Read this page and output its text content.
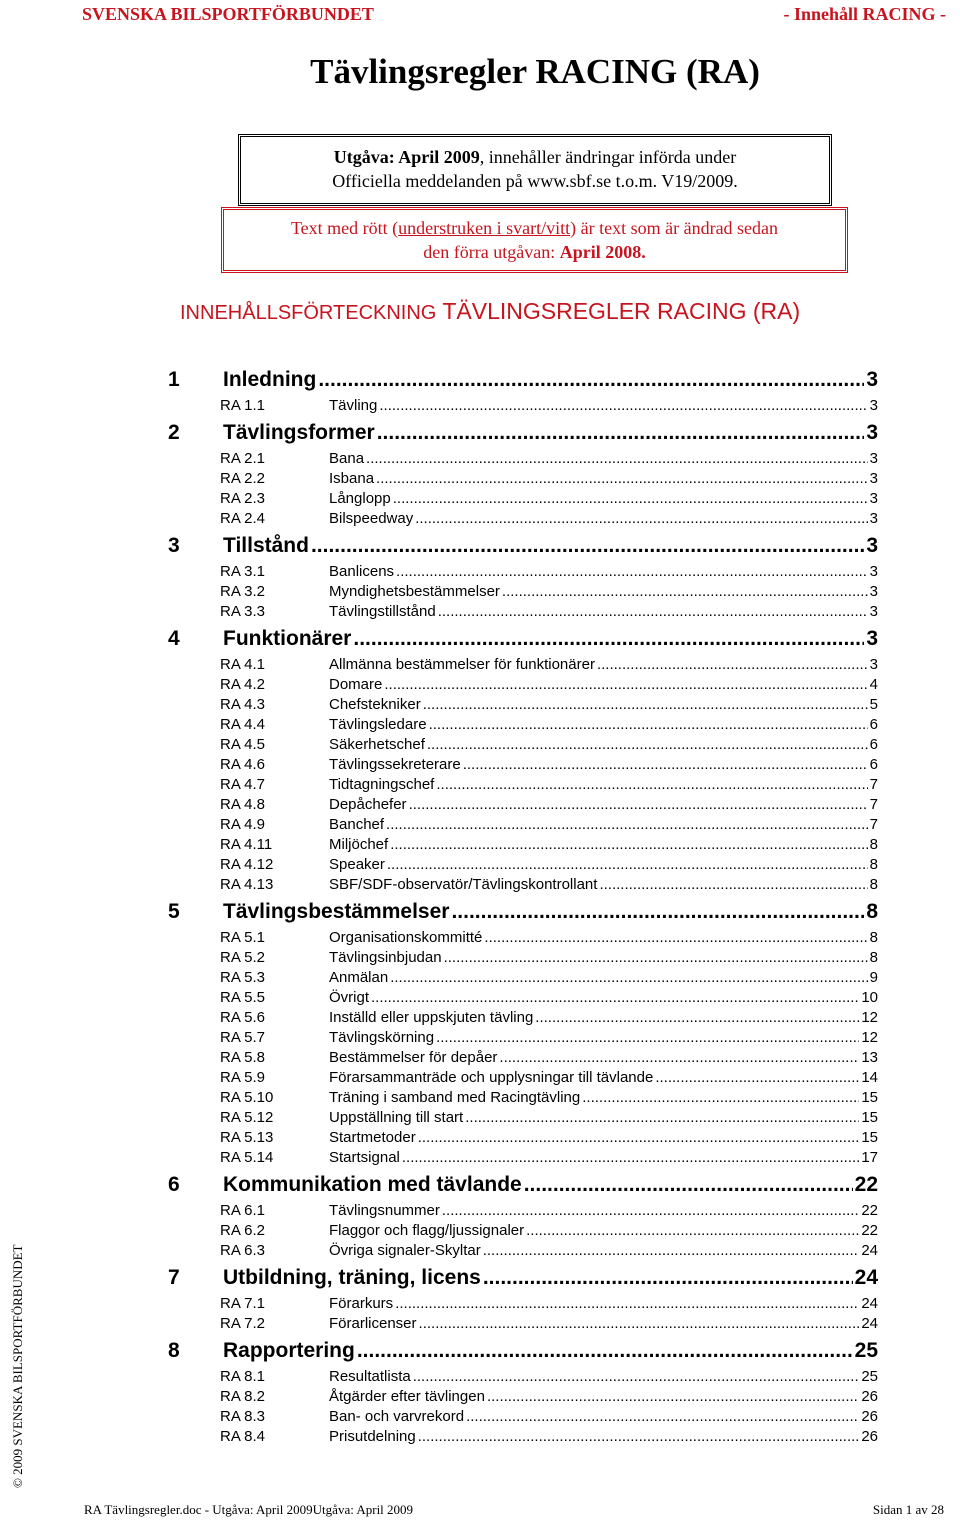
SVENSKA BILSPORTFÖRBUNDET	- Innehåll RACING -
Tävlingsregler RACING (RA)
Utgåva: April 2009, innehåller ändringar införda under
Officiella meddelanden på www.sbf.se t.o.m. V19/2009.
Text med rött (understruken i svart/vitt) är text som är ändrad sedan
den förra utgåvan: April 2008.
INNEHÅLLSFÖRTECKNING TÄVLINGSREGLER RACING (RA)
1	Inledning .....	3
RA 1.1	Tävling .....	3
2	Tävlingsformer .....	3
RA 2.1	Bana .....	3
RA 2.2	Isbana .....	3
RA 2.3	Långlopp .....	3
RA 2.4	Bilspeedway .....	3
3	Tillstånd .....	3
RA 3.1	Banlicens .....	3
RA 3.2	Myndighetsbestämmelser .....	3
RA 3.3	Tävlingstillstånd .....	3
4	Funktionärer .....	3
RA 4.1	Allmänna bestämmelser för funktionärer .....	3
RA 4.2	Domare .....	4
RA 4.3	Chefstekniker .....	5
RA 4.4	Tävlingsledare .....	6
RA 4.5	Säkerhetschef .....	6
RA 4.6	Tävlingssekreterare .....	6
RA 4.7	Tidtagningschef .....	7
RA 4.8	Depåchefer .....	7
RA 4.9	Banchef .....	7
RA 4.11	Miljöchef .....	8
RA 4.12	Speaker .....	8
RA 4.13	SBF/SDF-observatör/Tävlingskontrollant .....	8
5	Tävlingsbestämmelser .....	8
RA 5.1	Organisationskommitté .....	8
RA 5.2	Tävlingsinbjudan .....	8
RA 5.3	Anmälan .....	9
RA 5.5	Övrigt .....	10
RA 5.6	Inställd eller uppskjuten tävling .....	12
RA 5.7	Tävlingskörning .....	12
RA 5.8	Bestämmelser för depåer .....	13
RA 5.9	Förarsammanträde och upplysningar till tävlande .....	14
RA 5.10	Träning i samband med Racingtävling .....	15
RA 5.12	Uppställning till start .....	15
RA 5.13	Startmetoder .....	15
RA 5.14	Startsignal .....	17
6	Kommunikation med tävlande .....	22
RA 6.1	Tävlingsnummer .....	22
RA 6.2	Flaggor och flagg/ljussignaler .....	22
RA 6.3	Övriga signaler-Skyltar .....	24
7	Utbildning, träning, licens .....	24
RA 7.1	Förarkurs .....	24
RA 7.2	Förarlicenser .....	24
8	Rapportering .....	25
RA 8.1	Resultatlista .....	25
RA 8.2	Åtgärder efter tävlingen .....	26
RA 8.3	Ban- och varvrekord .....	26
RA 8.4	Prisutdelning .....	26
© 2009 SVENSKA BILSPORTFÖRBUNDET
RA Tävlingsregler.doc - Utgåva: April 2009Utgåva: April 2009	Sidan 1 av 28
